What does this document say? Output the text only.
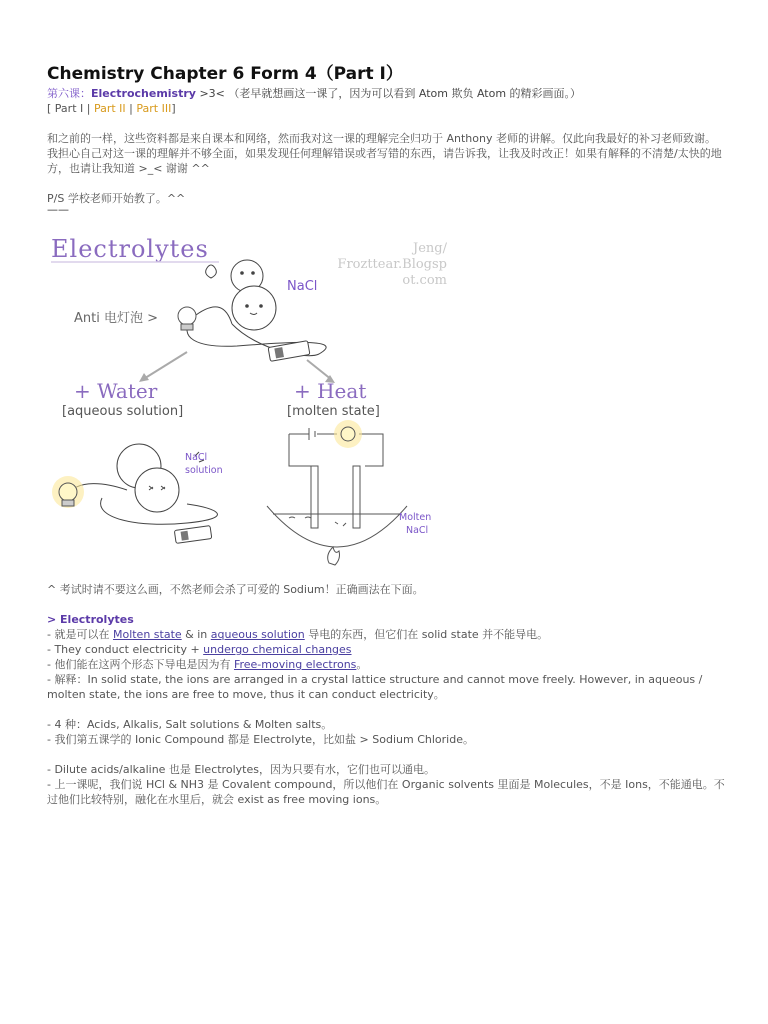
Chemistry Chapter 6 Form 4（Part I）

第六课：Electrochemistry >3< （老早就想画这一课了，因为可以看到 Atom 欺负 Atom 的精彩画面。）

[ Part I | Part II | Part III]

和之前的一样，这些资料都是来自课本和网络，然而我对这一课的理解完全归功于 Anthony 老师的讲解。仅此向我最好的补习老师致谢。

我担心自己对这一课的理解并不够全面，如果发现任何理解错误或者写错的东西，请告诉我，让我及时改正！如果有解释的不清楚/太快的地方，也请让我知道 >_< 谢谢 ^^

P/S 学校老师开始教了。^^

——

Electrolytes	Jeng/
Frozttear.Blogsp
ot.com
NaCl
Anti 电灯泡 >
+ Water
[aqueous solution]
+ Heat
[molten state]
NaCl
solution
Molten
NaCl

^ 考试时请不要这么画，不然老师会杀了可爱的 Sodium！正确画法在下面。

> Electrolytes

- 就是可以在 Molten state & in aqueous solution 导电的东西，但它们在 solid state 并不能导电。

- They conduct electricity + undergo chemical changes

- 他们能在这两个形态下导电是因为有 Free-moving electrons。

- 解释：In solid state, the ions are arranged in a crystal lattice structure and cannot move freely. However, in aqueous / molten state, the ions are free to move, thus it can conduct electricity。

- 4 种：Acids, Alkalis, Salt solutions & Molten salts。

- 我们第五课学的 Ionic Compound 都是 Electrolyte，比如盐 > Sodium Chloride。

- Dilute acids/alkaline 也是 Electrolytes，因为只要有水，它们也可以通电。

- 上一课呢，我们说 HCl & NH3 是 Covalent compound，所以他们在 Organic solvents 里面是 Molecules，不是 Ions，不能通电。不过他们比较特别，融化在水里后，就会 exist as free moving ions。
